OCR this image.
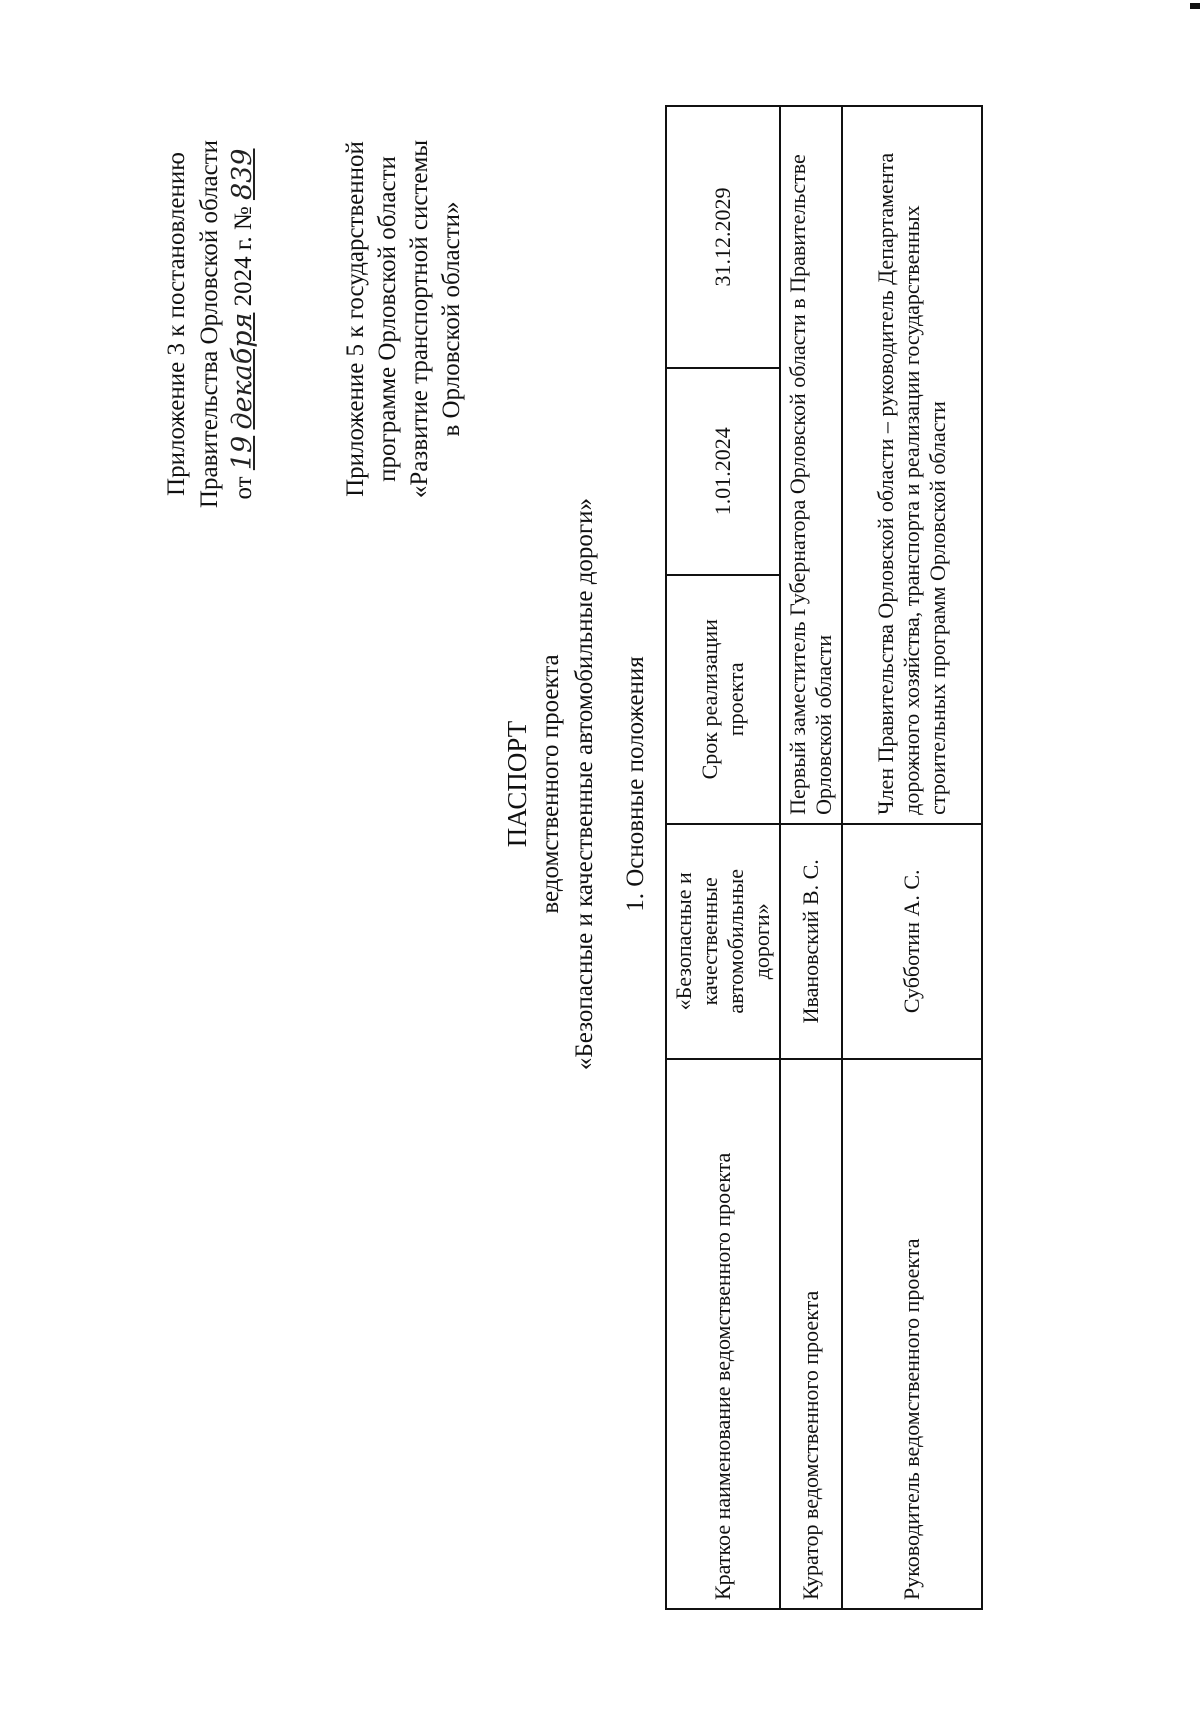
Приложение 3 к постановлению Правительства Орловской области от 19 декабря 2024 г. № 839	Приложение 5 к государственной программе Орловской области «Развитие транспортной системы в Орловской области»
ПАСПОРТ ведомственного проекта «Безопасные и качественные автомобильные дороги» 1. Основные положения
Краткое наименование ведомственного проекта	«Безопасные и качественные автомобильные дороги»	Срок реализации проекта	1.01.2024	31.12.2029
Куратор ведомственного проекта	Ивановский В. С.	Первый заместитель Губернатора Орловской области в Правительстве Орловской области		
Руководитель ведомственного проекта	Субботин А. С.	Член Правительства Орловской области – руководитель Департамента дорожного хозяйства, транспорта и реализации государственных строительных программ Орловской области		
